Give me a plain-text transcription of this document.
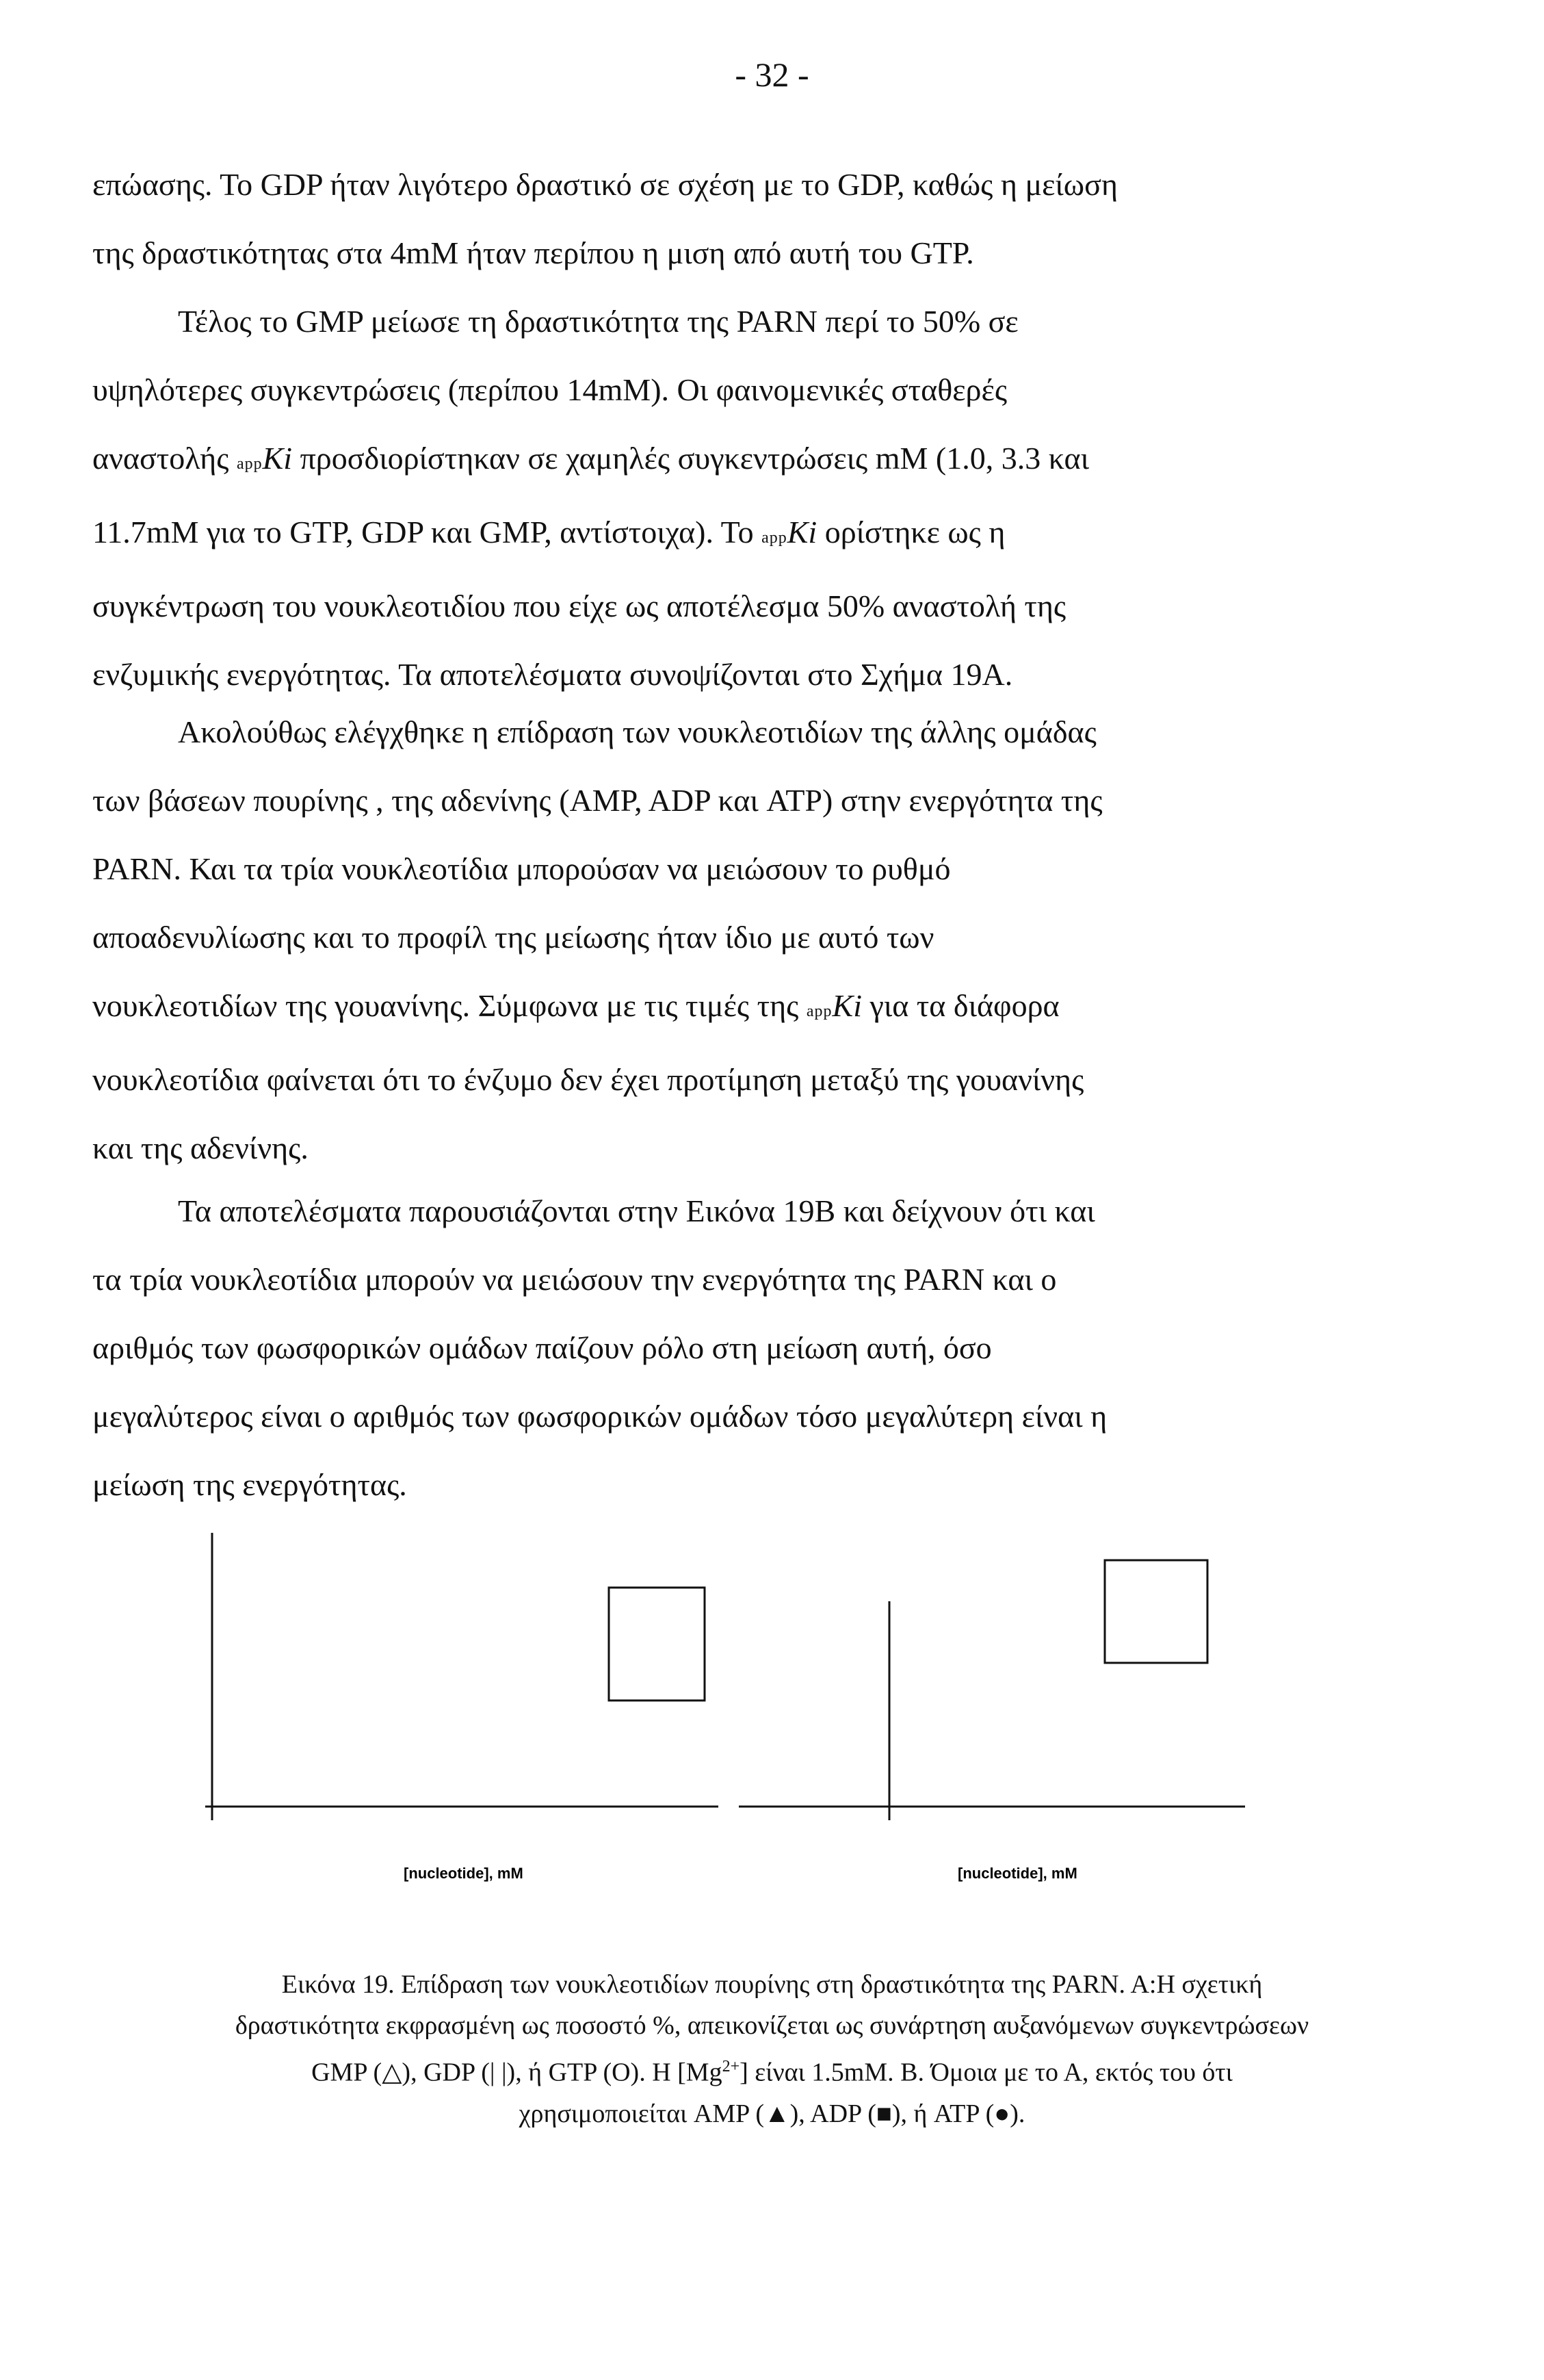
- 32 -

επώασης. Το GDP ήταν λιγότερο δραστικό σε σχέση με το GDP, καθώς η μείωση

της δραστικότητας στα 4mM ήταν περίπου η μιση από αυτή του GTP.

Τέλος το GMP μείωσε τη δραστικότητα της PARN περί το 50% σε

υψηλότερες συγκεντρώσεις (περίπου 14mM). Οι φαινομενικές σταθερές

αναστολής appKi προσδιορίστηκαν σε χαμηλές συγκεντρώσεις mM (1.0, 3.3 και

11.7mM για το GTP, GDP και GMP, αντίστοιχα). Το appKi ορίστηκε ως η

συγκέντρωση του νουκλεοτιδίου που είχε ως αποτέλεσμα 50% αναστολή της

ενζυμικής ενεργότητας. Τα αποτελέσματα συνοψίζονται στο Σχήμα 19A.

Ακολούθως ελέγχθηκε η επίδραση των νουκλεοτιδίων της άλλης ομάδας

των βάσεων πουρίνης , της αδενίνης (AMP, ADP και ATP) στην ενεργότητα της

PARN. Και τα τρία νουκλεοτίδια μπορούσαν να μειώσουν το ρυθμό

αποαδενυλίωσης και το προφίλ της μείωσης ήταν ίδιο με αυτό των

νουκλεοτιδίων της γουανίνης. Σύμφωνα με τις τιμές της appKi για τα διάφορα

νουκλεοτίδια φαίνεται ότι το ένζυμο δεν έχει προτίμηση μεταξύ της γουανίνης

και της αδενίνης.

Τα αποτελέσματα παρουσιάζονται στην Εικόνα 19B και δείχνουν ότι και

τα τρία νουκλεοτίδια μπορούν να μειώσουν την ενεργότητα της PARN και ο

αριθμός των φωσφορικών ομάδων παίζουν ρόλο στη μείωση αυτή, όσο

μεγαλύτερος είναι ο αριθμός των φωσφορικών ομάδων τόσο μεγαλύτερη είναι η

μείωση της ενεργότητας.

[nucleotide], mM	[nucleotide], mM
Εικόνα 19. Επίδραση των νουκλεοτιδίων πουρίνης στη δραστικότητα της PARN. A:Η σχετική
δραστικότητα εκφρασμένη ως ποσοστό %, απεικονίζεται ως συνάρτηση αυξανόμενων συγκεντρώσεων
GMP (△), GDP (| |), ή GTP (O). H $[Mg^{2+}]$ είναι 1.5mM. B. Όμοια με το Α, εκτός του ότι
χρησιμοποιείται AMP (▲), ADP (■), ή ATP (●).
